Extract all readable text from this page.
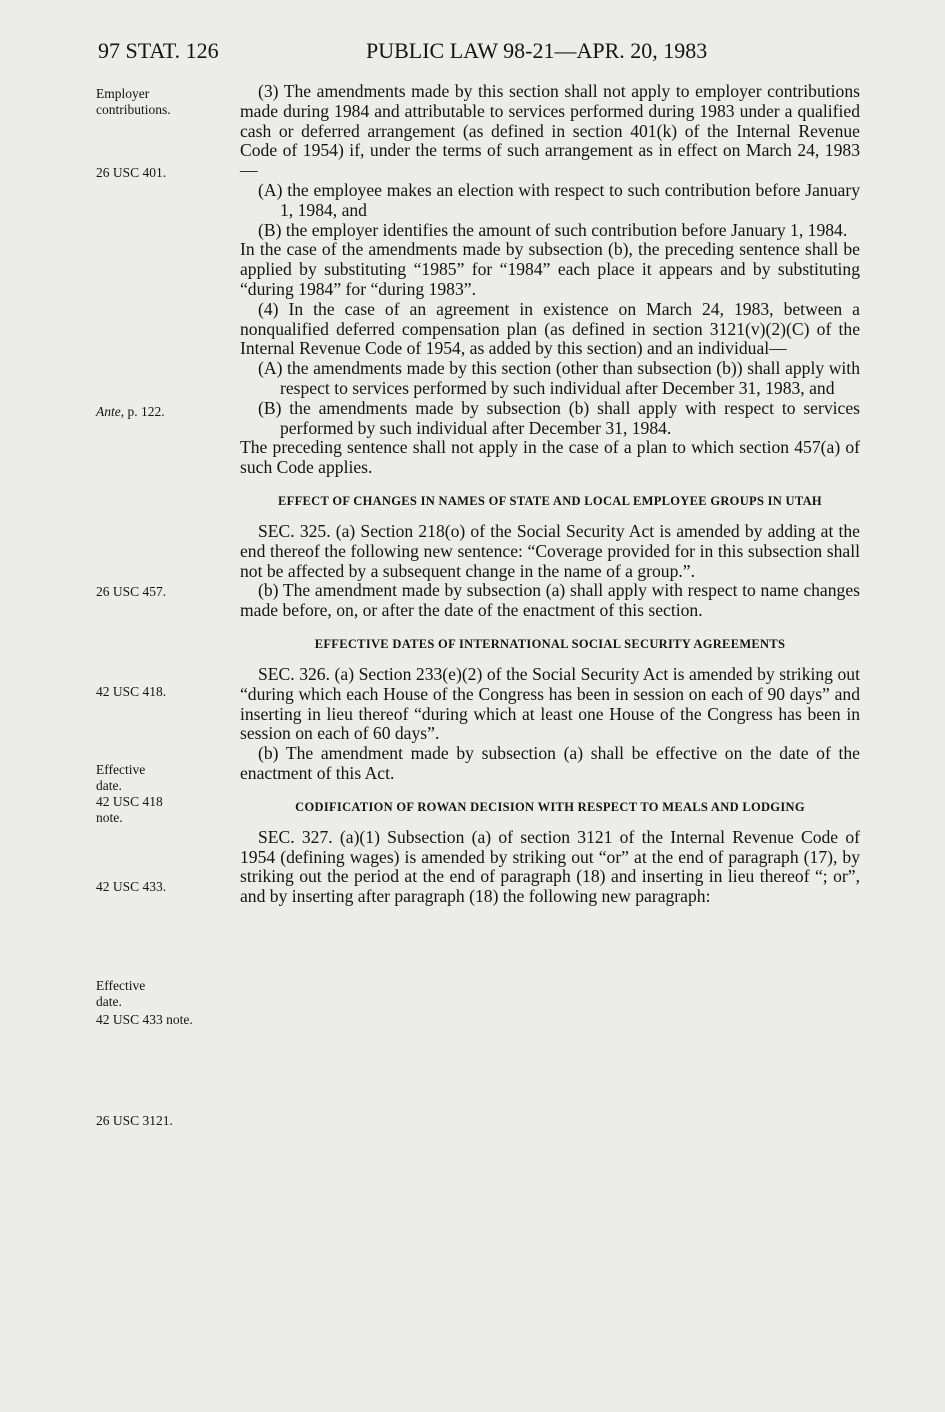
97 STAT. 126	PUBLIC LAW 98-21—APR. 20, 1983
Employer contributions.
26 USC 401.
Ante, p. 122.
26 USC 457.
42 USC 418.
Effective date.
42 USC 418 note.
42 USC 433.
Effective date.
42 USC 433 note.
26 USC 3121.

(3) The amendments made by this section shall not apply to employer contributions made during 1984 and attributable to services performed during 1983 under a qualified cash or deferred arrangement (as defined in section 401(k) of the Internal Revenue Code of 1954) if, under the terms of such arrangement as in effect on March 24, 1983—

(A) the employee makes an election with respect to such contribution before January 1, 1984, and

(B) the employer identifies the amount of such contribution before January 1, 1984.

In the case of the amendments made by subsection (b), the preceding sentence shall be applied by substituting “1985” for “1984” each place it appears and by substituting “during 1984” for “during 1983”.

(4) In the case of an agreement in existence on March 24, 1983, between a nonqualified deferred compensation plan (as defined in section 3121(v)(2)(C) of the Internal Revenue Code of 1954, as added by this section) and an individual—

(A) the amendments made by this section (other than subsection (b)) shall apply with respect to services performed by such individual after December 31, 1983, and

(B) the amendments made by subsection (b) shall apply with respect to services performed by such individual after December 31, 1984.

The preceding sentence shall not apply in the case of a plan to which section 457(a) of such Code applies.

EFFECT OF CHANGES IN NAMES OF STATE AND LOCAL EMPLOYEE GROUPS IN UTAH

SEC. 325. (a) Section 218(o) of the Social Security Act is amended by adding at the end thereof the following new sentence: “Coverage provided for in this subsection shall not be affected by a subsequent change in the name of a group.”.

(b) The amendment made by subsection (a) shall apply with respect to name changes made before, on, or after the date of the enactment of this section.

EFFECTIVE DATES OF INTERNATIONAL SOCIAL SECURITY AGREEMENTS

SEC. 326. (a) Section 233(e)(2) of the Social Security Act is amended by striking out “during which each House of the Congress has been in session on each of 90 days” and inserting in lieu thereof “during which at least one House of the Congress has been in session on each of 60 days”.

(b) The amendment made by subsection (a) shall be effective on the date of the enactment of this Act.

CODIFICATION OF ROWAN DECISION WITH RESPECT TO MEALS AND LODGING

SEC. 327. (a)(1) Subsection (a) of section 3121 of the Internal Revenue Code of 1954 (defining wages) is amended by striking out “or” at the end of paragraph (17), by striking out the period at the end of paragraph (18) and inserting in lieu thereof “; or”, and by inserting after paragraph (18) the following new paragraph:
